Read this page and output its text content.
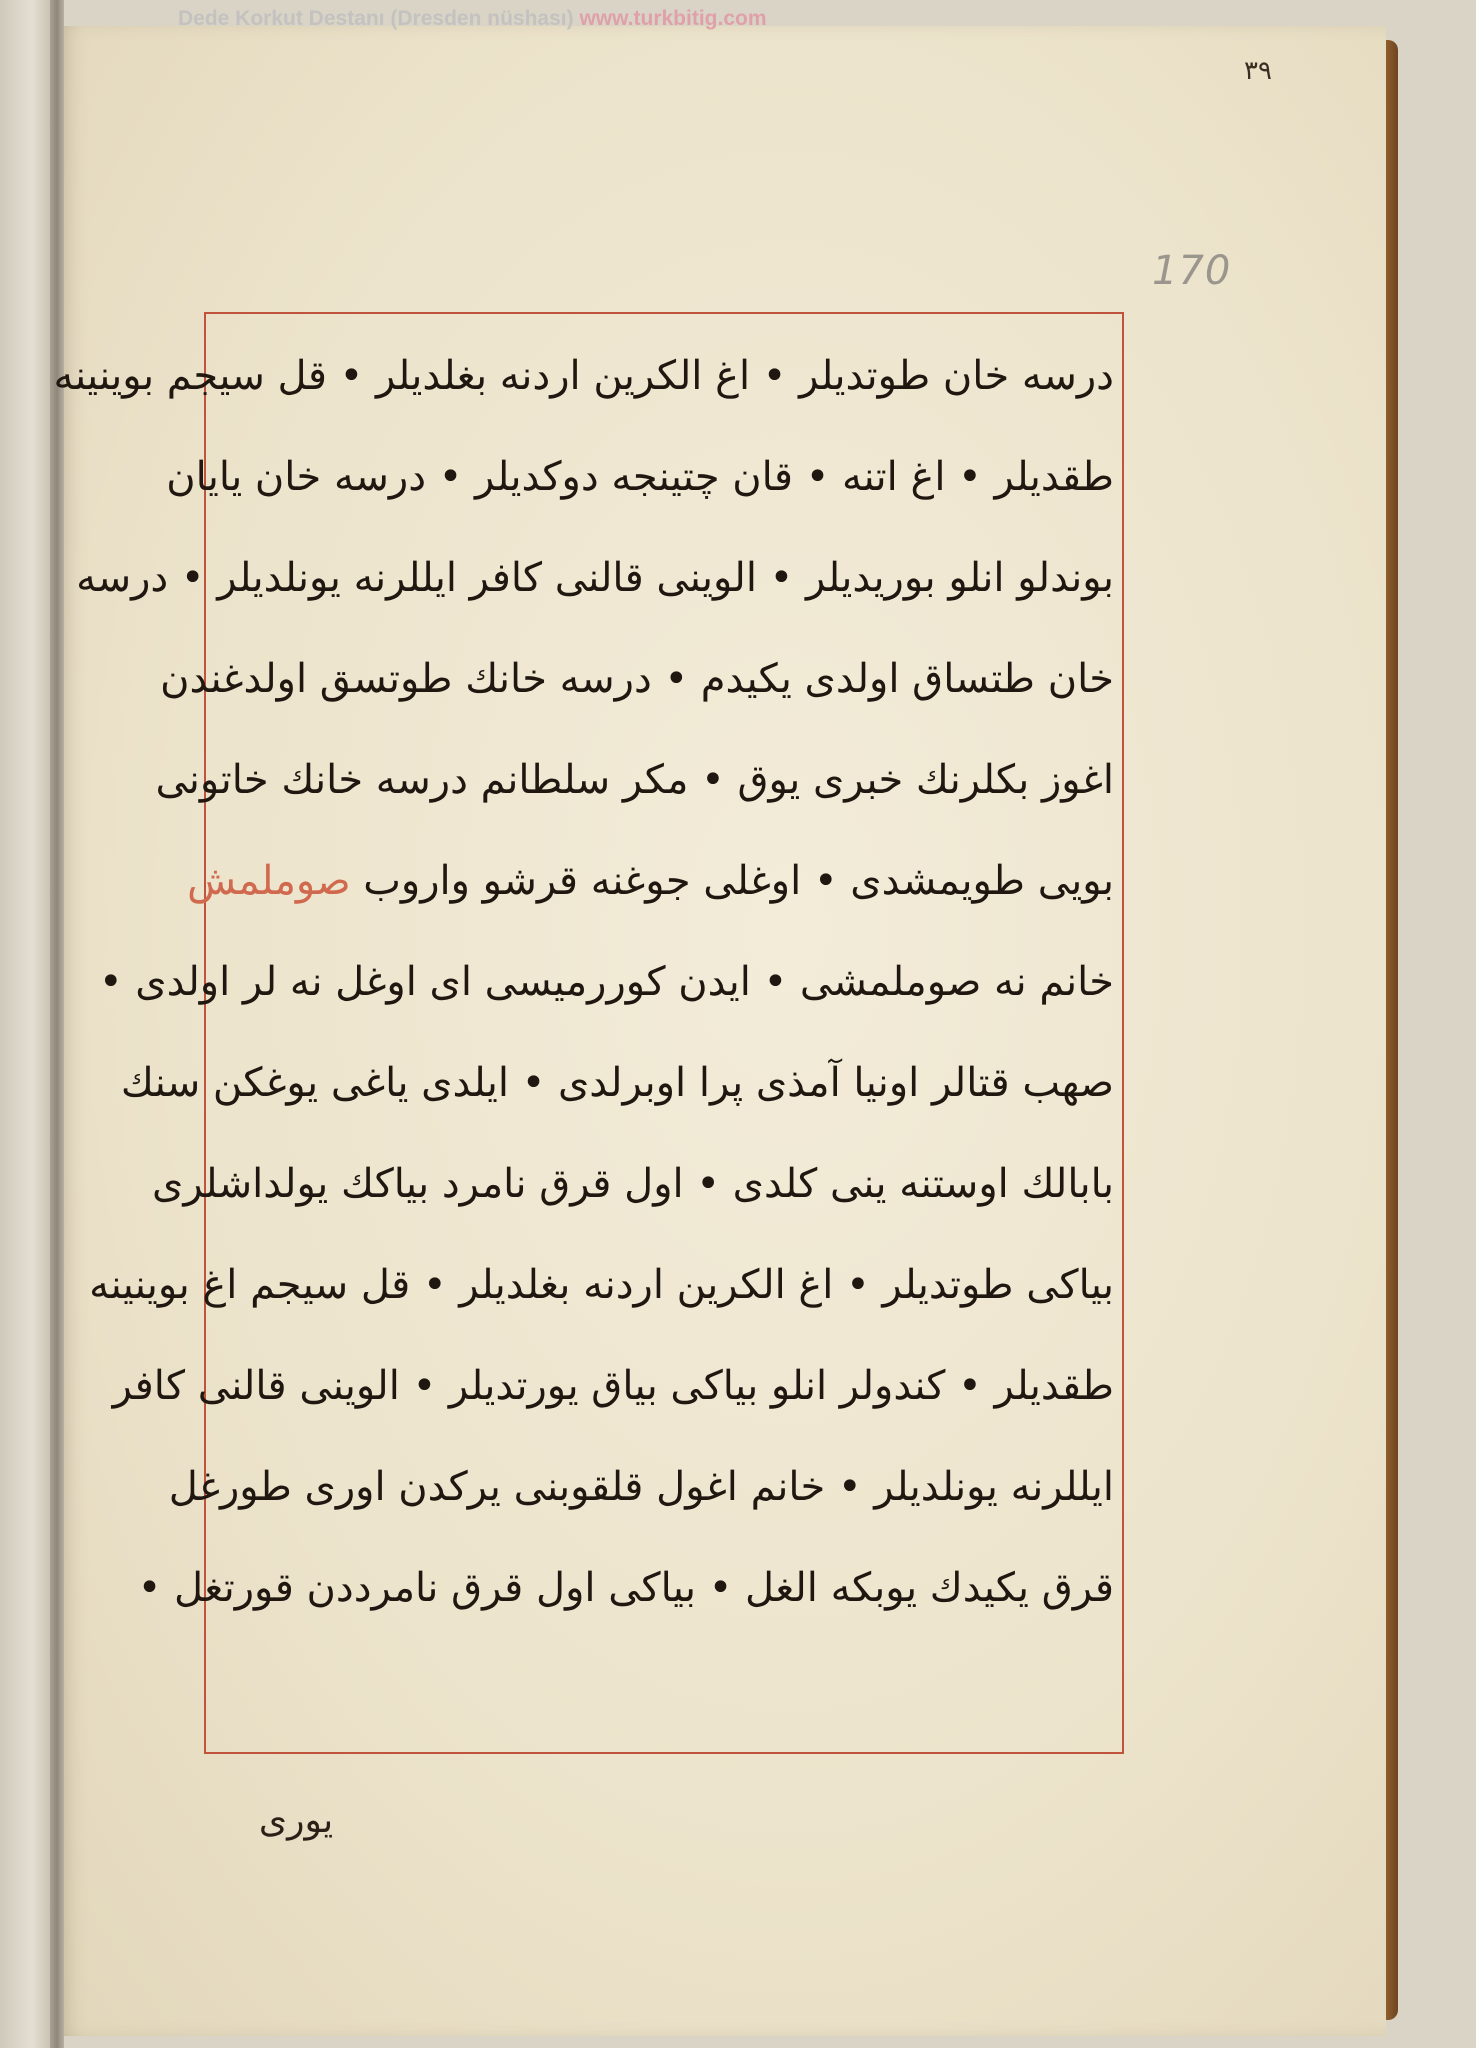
Dede Korkut Destanı (Dresden nüshası) www.turkbitig.com
٣٩
170
درسه خان طوتدیلر • اغ الكرین اردنه بغلدیلر • قل سیجم بوینینه
طقدیلر • اغ اتنه • قان چتینجه دوكدیلر • درسه خان یایان
بوندلو انلو بوریدیلر • الوینی قالنی كافر ایللرنه یونلدیلر • درسه
خان طتساق اولدی یكیدم • درسه خانك طوتسق اولدغندن
اغوز بكلرنك خبری یوق • مكر سلطانم درسه خانك خاتونی
بویی طویمشدی • اوغلی جوغنه قرشو واروب صوملمش
خانم نه صوملمشی • ایدن كوررمیسی ای اوغل نه لر اولدی •
صهب قتالر اونیا آمذی پرا اوبرلدی • ایلدی یاغی یوغكن سنك
بابالك اوستنه ینی كلدی • اول قرق نامرد بیاكك یولداشلری
بیاكی طوتدیلر • اغ الكرین اردنه بغلدیلر • قل سیجم اغ بوینینه
طقدیلر • كندولر انلو بیاكی بیاق یورتدیلر • الوینی قالنی كافر
ایللرنه یونلدیلر • خانم اغول قلقوبنی یركدن اوری طورغل
قرق یكیدك یوبكه الغل • بیاكی اول قرق نامرددن قورتغل •
یوری
